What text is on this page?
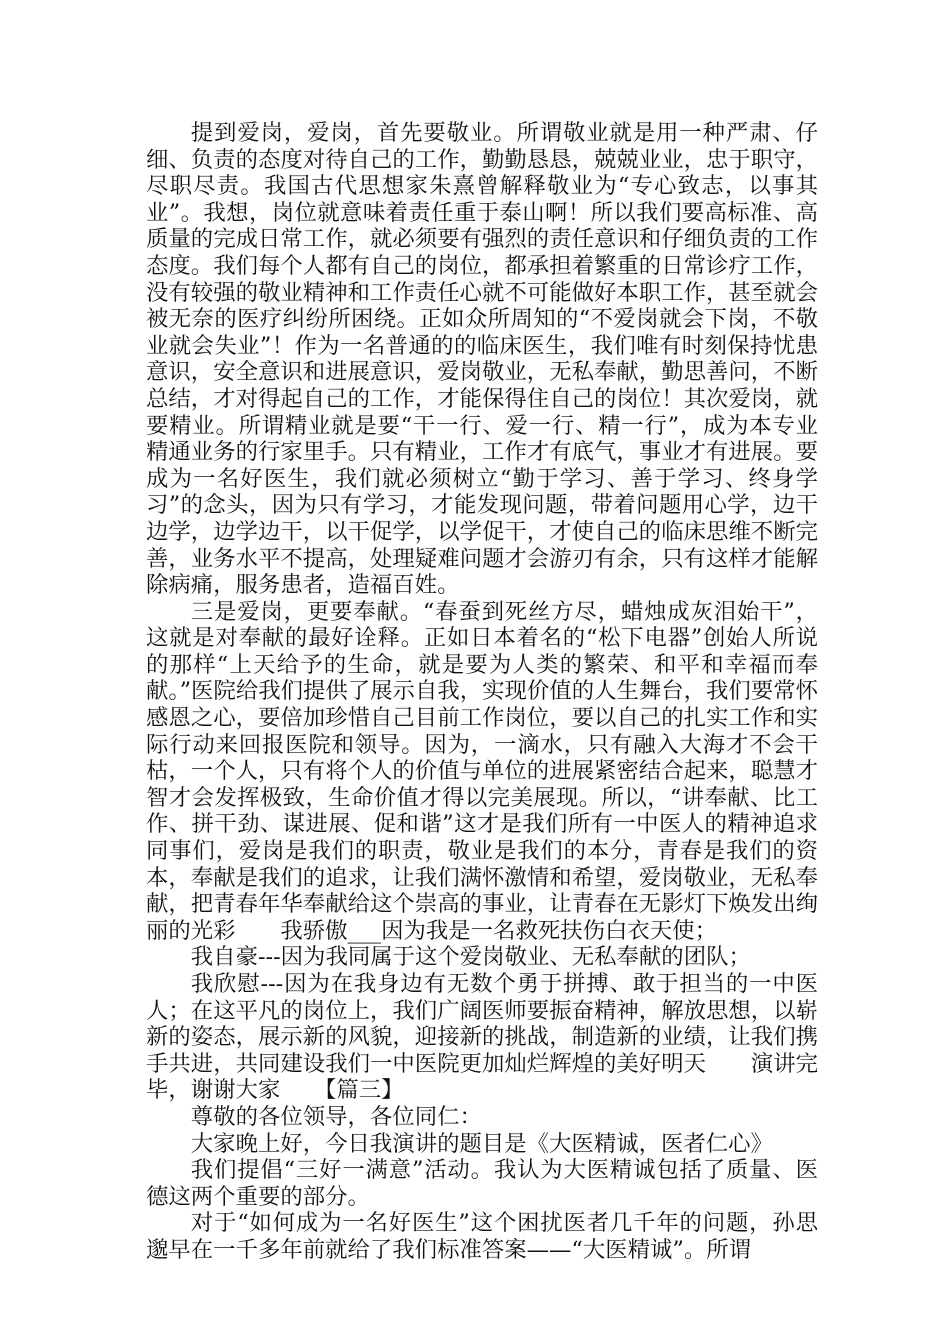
提到爱岗，爱岗，首先要敬业。所谓敬业就是用一种严肃、仔细、负责的态度对待自己的工作，勤勤恳恳，兢兢业业，忠于职守，尽职尽责。我国古代思想家朱熹曾解释敬业为“专心致志，以事其业”。我想，岗位就意味着责任重于泰山啊！所以我们要高标准、高质量的完成日常工作，就必须要有强烈的责任意识和仔细负责的工作态度。我们每个人都有自己的岗位，都承担着繁重的日常诊疗工作，没有较强的敬业精神和工作责任心就不可能做好本职工作，甚至就会被无奈的医疗纠纷所困绕。正如众所周知的“不爱岗就会下岗，不敬业就会失业”！作为一名普通的的临床医生，我们唯有时刻保持忧患意识，安全意识和进展意识，爱岗敬业，无私奉献，勤思善问，不断总结，才对得起自己的工作，才能保得住自己的岗位！其次爱岗，就要精业。所谓精业就是要“干一行、爱一行、精一行”，成为本专业精通业务的行家里手。只有精业，工作才有底气，事业才有进展。要成为一名好医生，我们就必须树立“勤于学习、善于学习、终身学习”的念头，因为只有学习，才能发现问题，带着问题用心学，边干边学，边学边干，以干促学，以学促干，才使自己的临床思维不断完善，业务水平不提高，处理疑难问题才会游刃有余，只有这样才能解除病痛，服务患者，造福百姓。

三是爱岗，更要奉献。“春蚕到死丝方尽，蜡烛成灰泪始干”，这就是对奉献的最好诠释。正如日本着名的“松下电器”创始人所说的那样“上天给予的生命，就是要为人类的繁荣、和平和幸福而奉献。”医院给我们提供了展示自我，实现价值的人生舞台，我们要常怀感恩之心，要倍加珍惜自己目前工作岗位，要以自己的扎实工作和实际行动来回报医院和领导。因为，一滴水，只有融入大海才不会干枯，一个人，只有将个人的价值与单位的进展紧密结合起来，聪慧才智才会发挥极致，生命价值才得以完美展现。所以，“讲奉献、比工作、拼干劲、谋进展、促和谐”这才是我们所有一中医人的精神追求　　同事们，爱岗是我们的职责，敬业是我们的本分，青春是我们的资本，奉献是我们的追求，让我们满怀激情和希望，爱岗敬业，无私奉献，把青春年华奉献给这个崇高的事业，让青春在无影灯下焕发出绚丽的光彩　　我骄傲___因为我是一名救死扶伤白衣天使；

我自豪---因为我同属于这个爱岗敬业、无私奉献的团队；

我欣慰---因为在我身边有无数个勇于拼搏、敢于担当的一中医人；在这平凡的岗位上，我们广阔医师要振奋精神，解放思想，以崭新的姿态，展示新的风貌，迎接新的挑战，制造新的业绩，让我们携手共进，共同建设我们一中医院更加灿烂辉煌的美好明天　　演讲完毕，谢谢大家　　【篇三】

尊敬的各位领导，各位同仁：

大家晚上好，今日我演讲的题目是《大医精诚，医者仁心》

我们提倡“三好一满意”活动。我认为大医精诚包括了质量、医德这两个重要的部分。

对于“如何成为一名好医生”这个困扰医者几千年的问题，孙思邈早在一千多年前就给了我们标准答案——“大医精诚”。所谓
